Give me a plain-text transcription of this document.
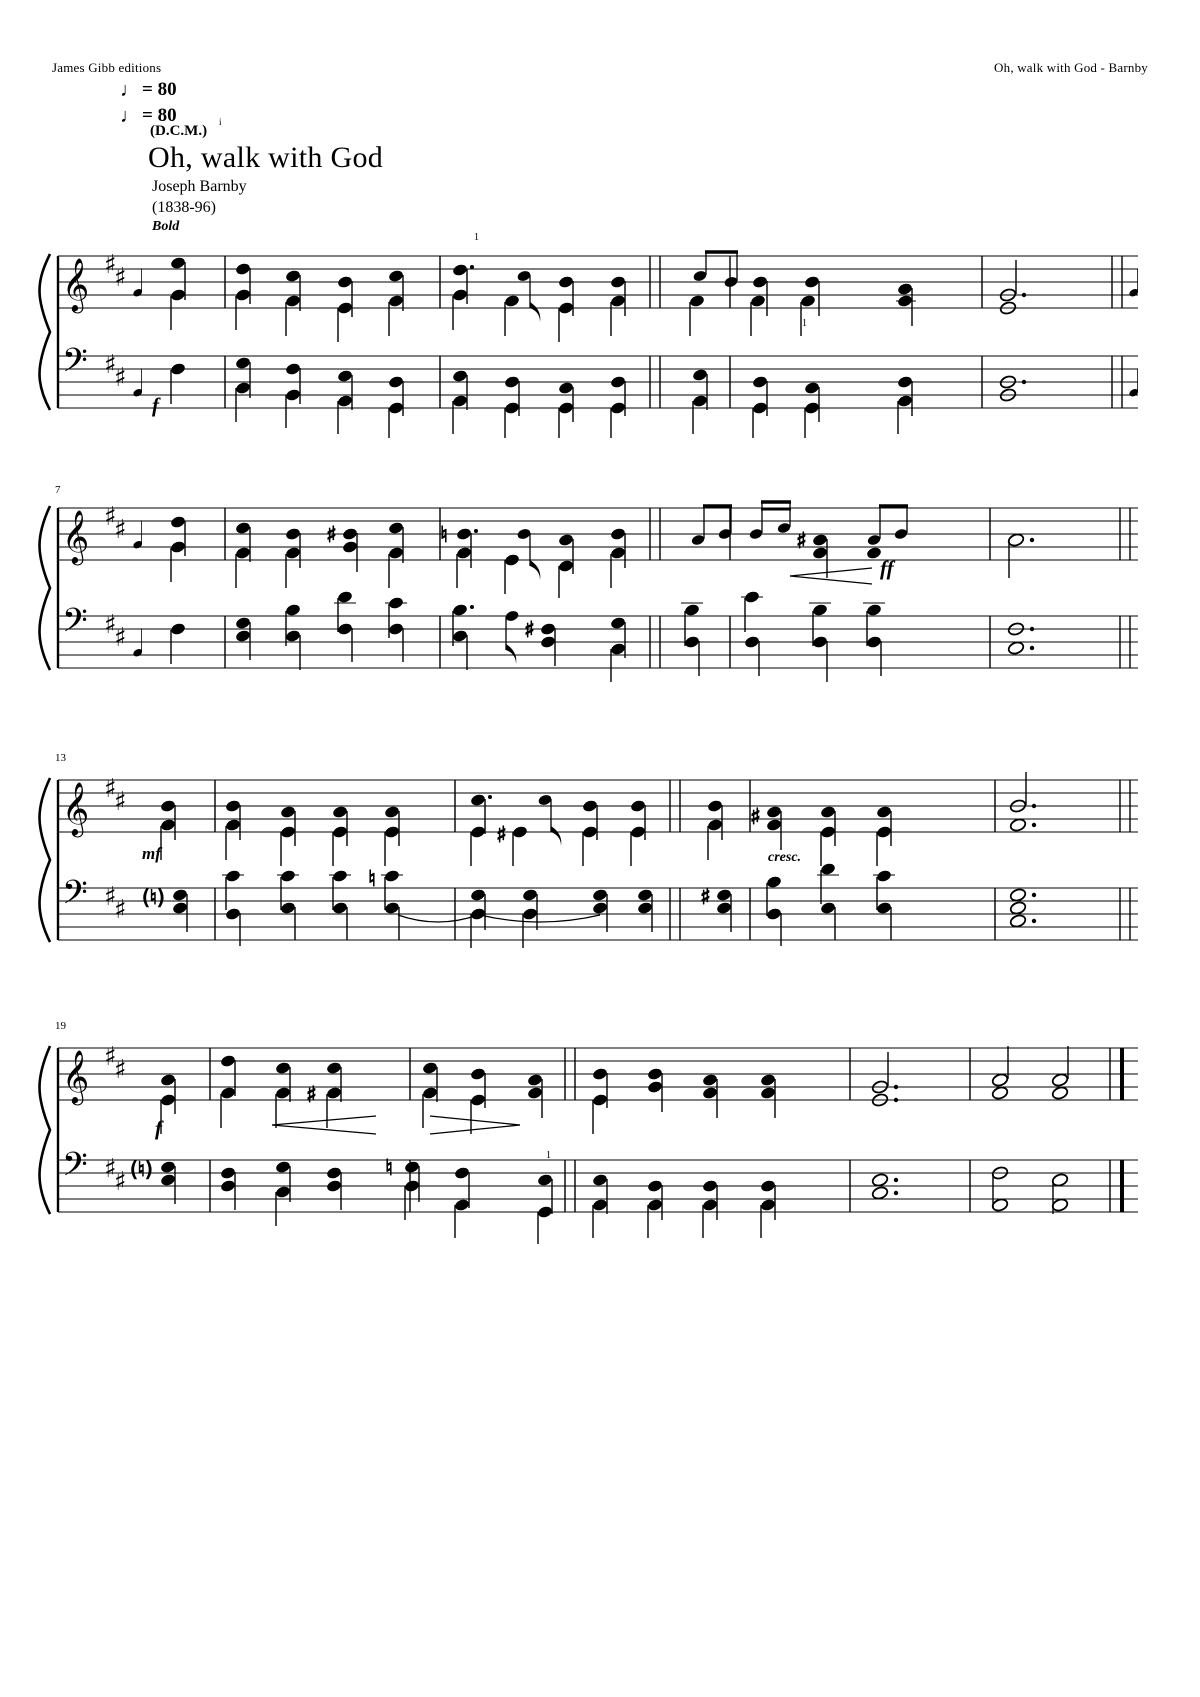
James Gibb editions	Oh, walk with God - Barnby
♩ = 80
♩ = 80	i
(D.C.M.)
Oh, walk with God
Joseph Barnby
(1838-96)
Bold
𝄞
𝄢
♯
♯
♯
♯
𝅘𝅥
𝅘𝅥
𝅘𝅥
𝅘𝅥
f
1
1
𝄞
𝄢
♯
♯
♯
♯
𝅘𝅥
𝅘𝅥
♯	♮	♯
♯
7
ff
𝄞
𝄢
♯
♯
♯
♯
♯
♯
(♮)
♮
♯
13
mf	cresc.
𝄞
𝄢
♯
♯
♯
♯
♯
(♮)	♮
19
f
1
